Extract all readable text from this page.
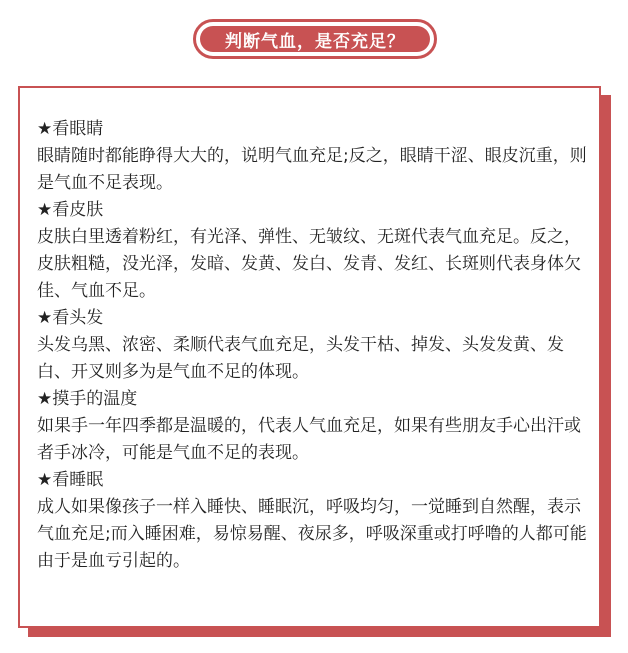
判断气血，是否充足？

★看眼睛

眼睛随时都能睁得大大的，说明气血充足;反之，眼睛干涩、眼皮沉重，则是气血不足表现。

★看皮肤

皮肤白里透着粉红，有光泽、弹性、无皱纹、无斑代表气血充足。反之，皮肤粗糙，没光泽，发暗、发黄、发白、发青、发红、长斑则代表身体欠佳、气血不足。

★看头发

头发乌黑、浓密、柔顺代表气血充足，头发干枯、掉发、头发发黄、发白、开叉则多为是气血不足的体现。

★摸手的温度

如果手一年四季都是温暖的，代表人气血充足，如果有些朋友手心出汗或者手冰冷，可能是气血不足的表现。

★看睡眠

成人如果像孩子一样入睡快、睡眠沉，呼吸均匀，一觉睡到自然醒，表示气血充足;而入睡困难，易惊易醒、夜尿多，呼吸深重或打呼噜的人都可能由于是血亏引起的。
